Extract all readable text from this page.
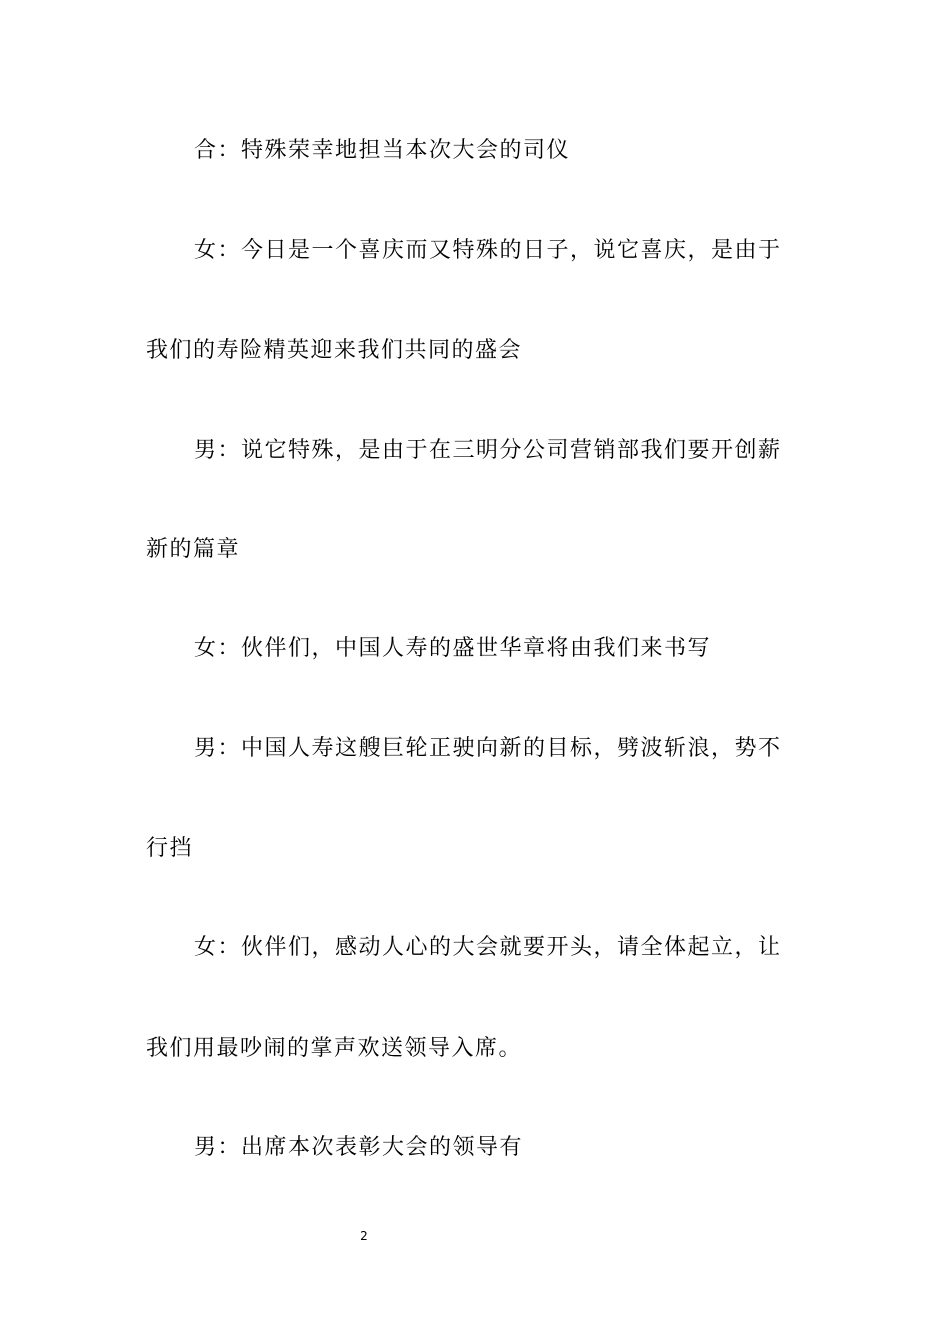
合：特殊荣幸地担当本次大会的司仪
女：今日是一个喜庆而又特殊的日子，说它喜庆，是由于
我们的寿险精英迎来我们共同的盛会
男：说它特殊，是由于在三明分公司营销部我们要开创薪
新的篇章
女：伙伴们，中国人寿的盛世华章将由我们来书写
男：中国人寿这艘巨轮正驶向新的目标，劈波斩浪，势不
行挡
女：伙伴们，感动人心的大会就要开头，请全体起立，让
我们用最吵闹的掌声欢送领导入席。
男：出席本次表彰大会的领导有
2
